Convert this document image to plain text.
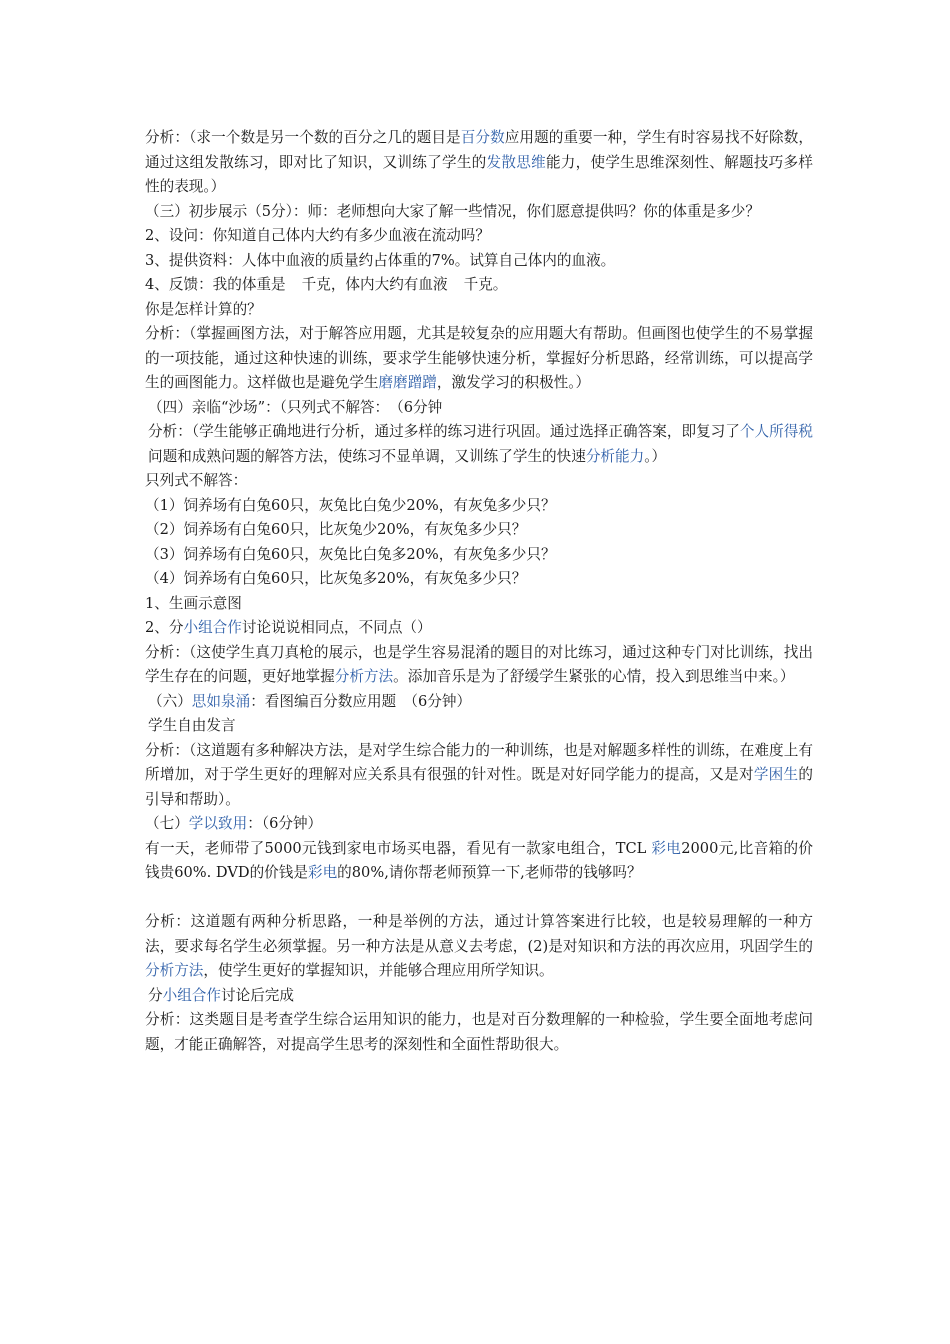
分析：（求一个数是另一个数的百分之几的题目是百分数应用题的重要一种，学生有时容易找不好除数，通过这组发散练习，即对比了知识，又训练了学生的发散思维能力，使学生思维深刻性、解题技巧多样性的表现。）

（三）初步展示（5分）：师：老师想向大家了解一些情况，你们愿意提供吗？你的体重是多少？

2、设问：你知道自己体内大约有多少血液在流动吗？

3、提供资料：人体中血液的质量约占体重的7%。试算自己体内的血液。

4、反馈：我的体重是 千克，体内大约有血液 千克。

你是怎样计算的？

分析：（掌握画图方法，对于解答应用题，尤其是较复杂的应用题大有帮助。但画图也使学生的不易掌握的一项技能，通过这种快速的训练，要求学生能够快速分析，掌握好分析思路，经常训练，可以提高学生的画图能力。这样做也是避免学生磨磨蹭蹭，激发学习的积极性。）

（四）亲临“沙场”：（只列式不解答：　（6分钟

分析：（学生能够正确地进行分析，通过多样的练习进行巩固。通过选择正确答案，即复习了个人所得税问题和成熟问题的解答方法，使练习不显单调，又训练了学生的快速分析能力。）

只列式不解答：

（1）饲养场有白兔60只，灰兔比白兔少20%，有灰兔多少只？

（2）饲养场有白兔60只，比灰兔少20%，有灰兔多少只？

（3）饲养场有白兔60只，灰兔比白兔多20%，有灰兔多少只？

（4）饲养场有白兔60只，比灰兔多20%，有灰兔多少只？

1、生画示意图

2、分小组合作讨论说说相同点，不同点（）

分析：（这使学生真刀真枪的展示，也是学生容易混淆的题目的对比练习，通过这种专门对比训练，找出学生存在的问题，更好地掌握分析方法。添加音乐是为了舒缓学生紧张的心情，投入到思维当中来。）

（六）思如泉涌：看图编百分数应用题　（6分钟）

学生自由发言

分析：（这道题有多种解决方法，是对学生综合能力的一种训练，也是对解题多样性的训练，在难度上有所增加，对于学生更好的理解对应关系具有很强的针对性。既是对好同学能力的提高，又是对学困生的引导和帮助）。

（七）学以致用：（6分钟）

有一天，老师带了5000元钱到家电市场买电器，看见有一款家电组合，TCL 彩电2000元,比音箱的价钱贵60%. DVD的价钱是彩电的80%,请你帮老师预算一下,老师带的钱够吗？

分析：这道题有两种分析思路，一种是举例的方法，通过计算答案进行比较，也是较易理解的一种方法，要求每名学生必须掌握。另一种方法是从意义去考虑，(2)是对知识和方法的再次应用，巩固学生的分析方法，使学生更好的掌握知识，并能够合理应用所学知识。

分小组合作讨论后完成

分析：这类题目是考查学生综合运用知识的能力，也是对百分数理解的一种检验，学生要全面地考虑问题，才能正确解答，对提高学生思考的深刻性和全面性帮助很大。
